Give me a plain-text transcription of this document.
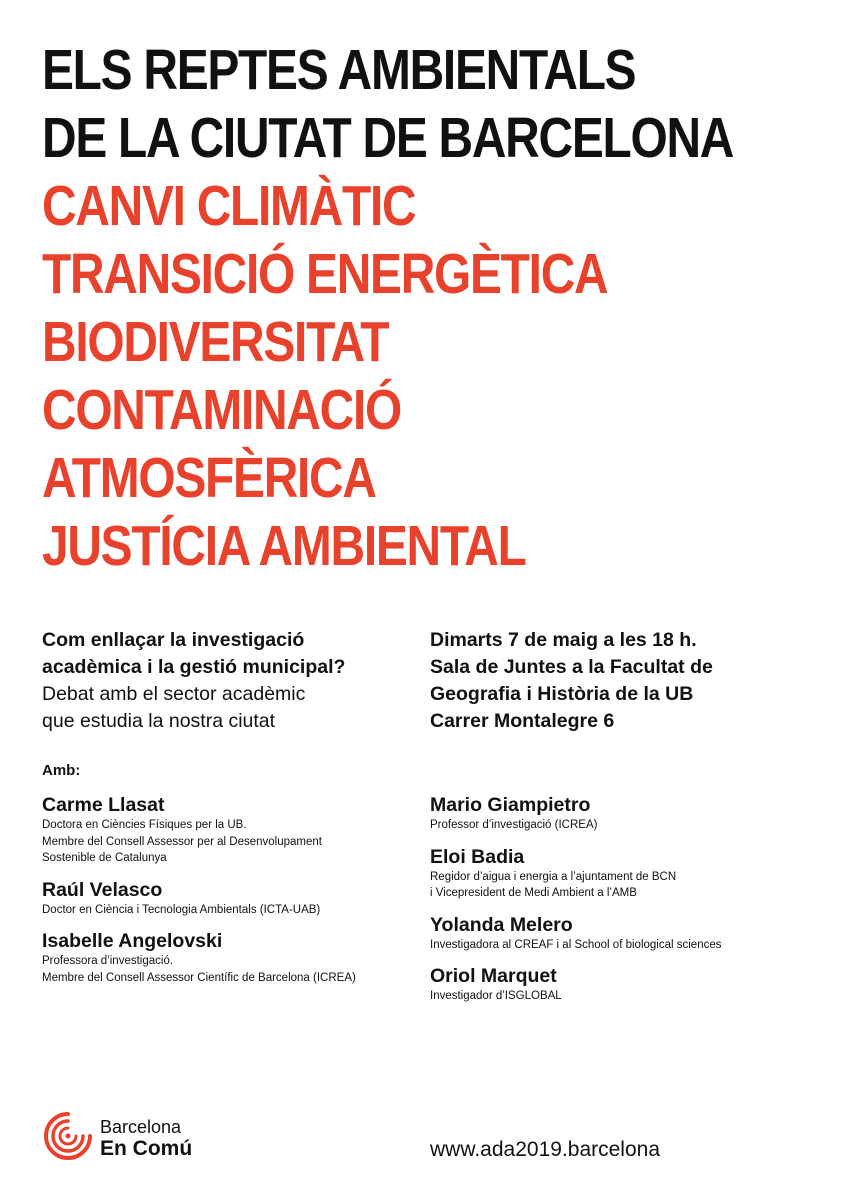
ELS REPTES AMBIENTALS
DE LA CIUTAT DE BARCELONA
CANVI CLIMÀTIC
TRANSICIÓ ENERGÈTICA
BIODIVERSITAT
CONTAMINACIÓ
ATMOSFÈRICA
JUSTÍCIA AMBIENTAL
Com enllaçar la investigació
acadèmica i la gestió municipal?
Debat amb el sector acadèmic
que estudia la nostra ciutat
Dimarts 7 de maig a les 18 h.
Sala de Juntes a la Facultat de
Geografia i Història de la UB
Carrer Montalegre 6
Amb:
Carme Llasat
Doctora en Ciències Físiques per la UB.
Membre del Consell Assessor per al Desenvolupament
Sostenible de Catalunya
Raúl Velasco
Doctor en Ciència i Tecnologia Ambientals (ICTA-UAB)
Isabelle Angelovski
Professora d’investigació.
Membre del Consell Assessor Científic de Barcelona (ICREA)
Mario Giampietro
Professor d’investigació (ICREA)
Eloi Badia
Regidor d’aigua i energia a l’ajuntament de BCN
i Vicepresident de Medi Ambient a l’AMB
Yolanda Melero
Investigadora al CREAF i al School of biological sciences
Oriol Marquet
Investigador d’ISGLOBAL
Barcelona
En Comú	www.ada2019.barcelona
